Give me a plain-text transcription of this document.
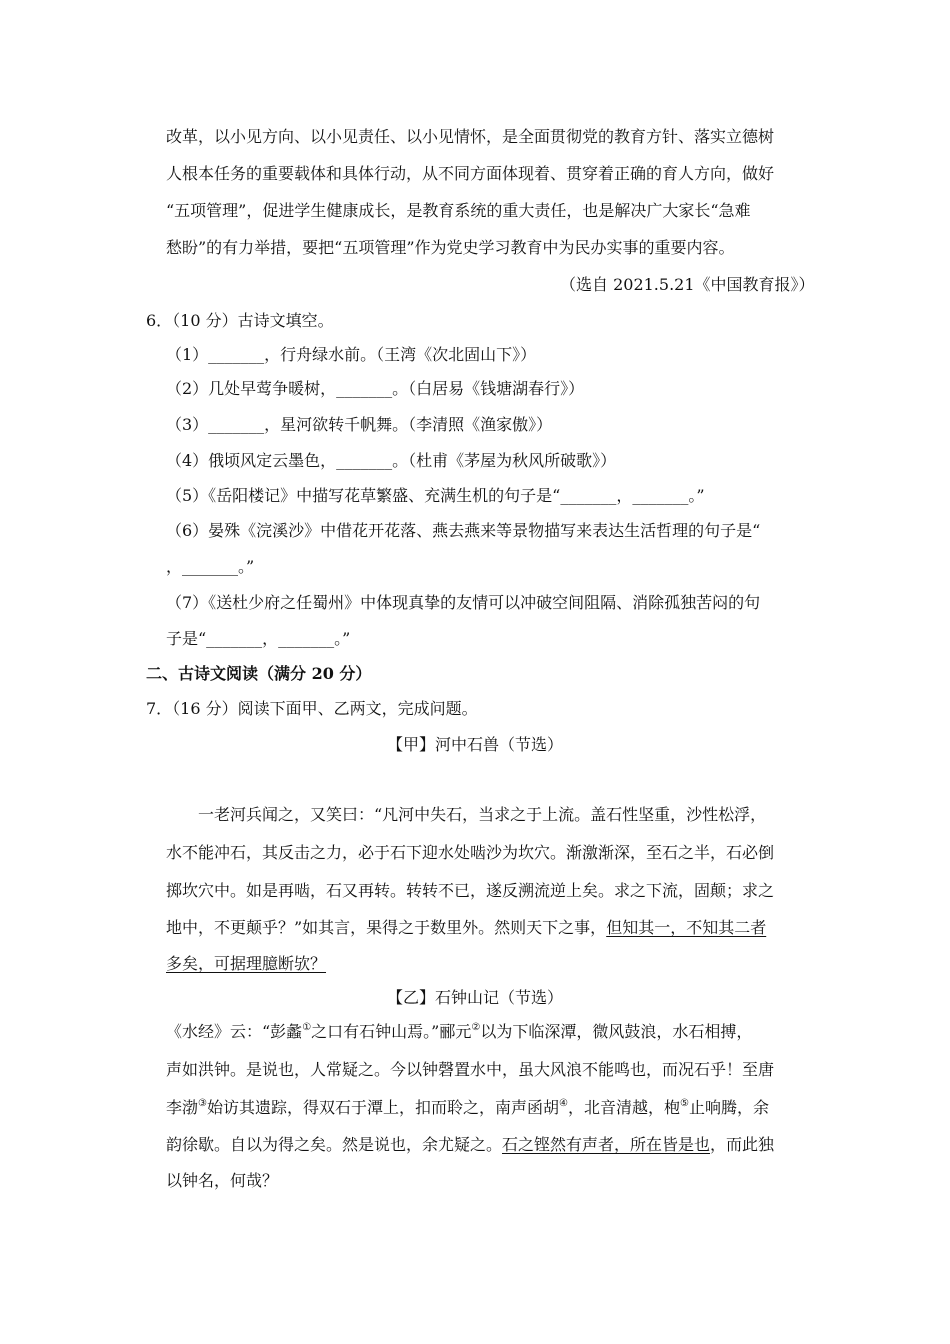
改革，以小见方向、以小见责任、以小见情怀，是全面贯彻党的教育方针、落实立德树
人根本任务的重要载体和具体行动，从不同方面体现着、贯穿着正确的育人方向，做好
“五项管理”，促进学生健康成长，是教育系统的重大责任，也是解决广大家长“急难
愁盼”的有力举措，要把“五项管理”作为党史学习教育中为民办实事的重要内容。
（选自 2021.5.21《中国教育报》）
6．（10 分）古诗文填空。
（1）_______，行舟绿水前。（王湾《次北固山下》）
（2）几处早莺争暖树，_______。（白居易《钱塘湖春行》）
（3）_______，星河欲转千帆舞。（李清照《渔家傲》）
（4）俄顷风定云墨色，_______。（杜甫《茅屋为秋风所破歌》）
（5）《岳阳楼记》中描写花草繁盛、充满生机的句子是“_______，_______。”
（6）晏殊《浣溪沙》中借花开花落、燕去燕来等景物描写来表达生活哲理的句子是“
，_______。”
（7）《送杜少府之任蜀州》中体现真挚的友情可以冲破空间阻隔、消除孤独苦闷的句
子是“_______，_______。”
二、古诗文阅读（满分 20 分）
7．（16 分）阅读下面甲、乙两文，完成问题。
【甲】河中石兽（节选）
一老河兵闻之，又笑曰：“凡河中失石，当求之于上流。盖石性坚重，沙性松浮，
水不能冲石，其反击之力，必于石下迎水处啮沙为坎穴。渐激渐深，至石之半，石必倒
掷坎穴中。如是再啮，石又再转。转转不已，遂反溯流逆上矣。求之下流，固颠；求之
地中，不更颠乎？”如其言，果得之于数里外。然则天下之事，但知其一，不知其二者
多矣，可据理臆断欤？
【乙】石钟山记（节选）
《水经》云：“彭蠡①之口有石钟山焉。”郦元②以为下临深潭，微风鼓浪，水石相搏，
声如洪钟。是说也，人常疑之。今以钟磬置水中，虽大风浪不能鸣也，而况石乎！至唐
李渤③始访其遗踪，得双石于潭上，扣而聆之，南声函胡④，北音清越，枹⑤止响腾，余
韵徐歇。自以为得之矣。然是说也，余尤疑之。石之铿然有声者，所在皆是也，而此独
以钟名，何哉？
